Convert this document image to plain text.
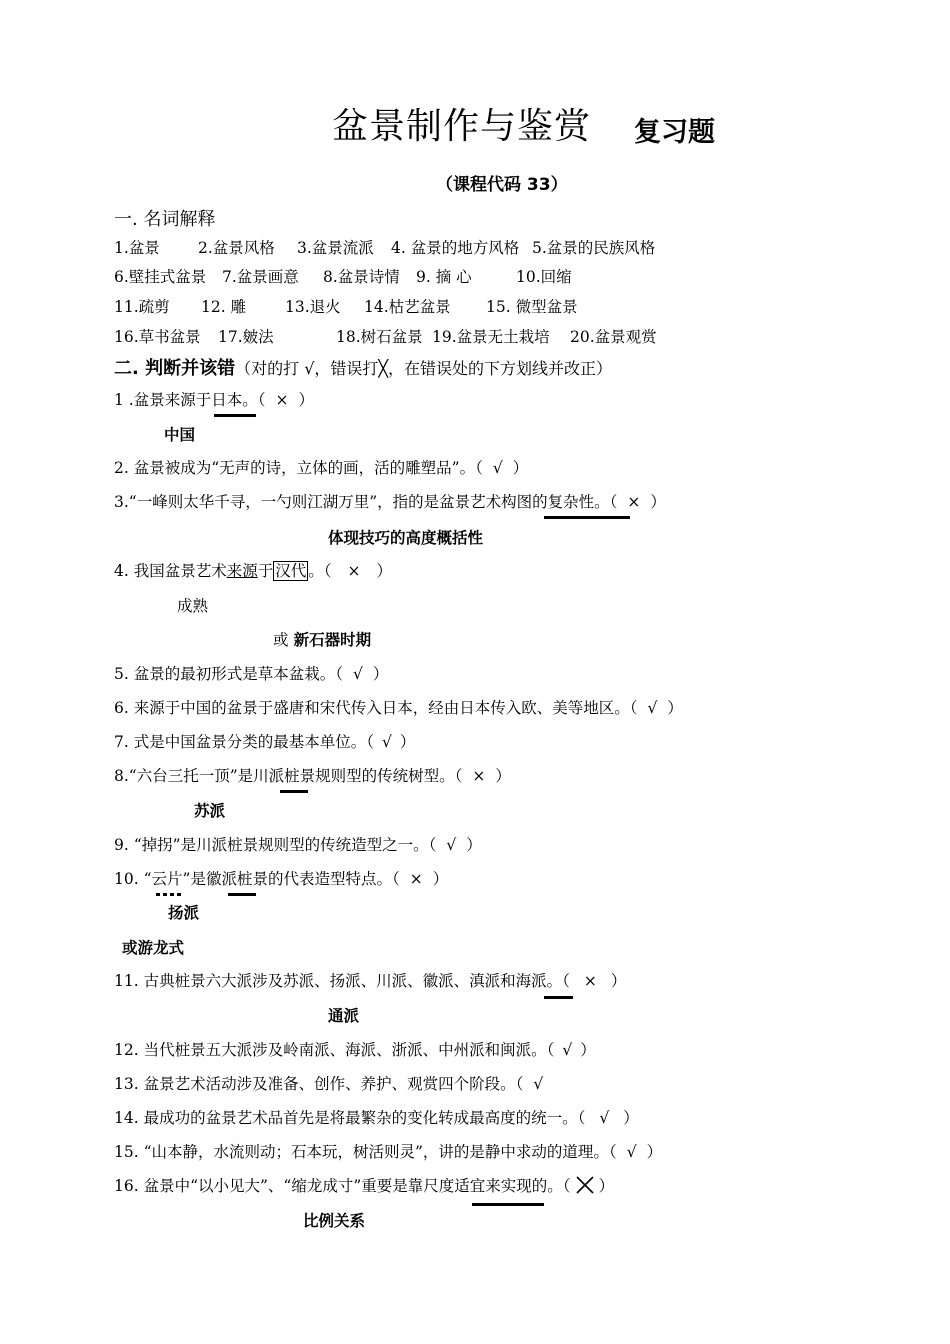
盆景制作与鉴赏 复习题
（课程代码 33）
一. 名词解释
1.盆景 2.盆景风格 3.盆景流派 4. 盆景的地方风格 5.盆景的民族风格
6.壁挂式盆景 7.盆景画意 8.盆景诗情 9. 摘 心	10.回缩
11.疏剪 12. 雕	13.退火 14.枯艺盆景 15. 微型盆景
16.草书盆景 17.皴法	18.树石盆景 19.盆景无土栽培 20.盆景观赏
二. 判断并该错（对的打 √，错误打╳，在错误处的下方划线并改正）
1 .盆景来源于日本。（ × ）
中国
2. 盆景被成为“无声的诗，立体的画，活的雕塑品”。（ √ ）
3.“一峰则太华千寻，一勺则江湖万里”，指的是盆景艺术构图的复杂性。（ × ）
体现技巧的高度概括性
4. 我国盆景艺术来源于 汉代 。（ × ）
成熟
或 新石器时期
5. 盆景的最初形式是草本盆栽。（ √ ）
6. 来源于中国的盆景于盛唐和宋代传入日本，经由日本传入欧、美等地区。（ √ ）
7. 式是中国盆景分类的最基本单位。（ √ ）
8.“六台三托一顶”是川派桩景规则型的传统树型。（ × ）
苏派
9. “掉拐”是川派桩景规则型的传统造型之一。（ √ ）
10. “云片”是徽派桩景的代表造型特点。（ × ）
扬派
或游龙式
11. 古典桩景六大派涉及苏派、扬派、川派、徽派、滇派和海派。（ × ）
通派
12. 当代桩景五大派涉及岭南派、海派、浙派、中州派和闽派。（ √ ）
13. 盆景艺术活动涉及准备、创作、养护、观赏四个阶段。（ √
14. 最成功的盆景艺术品首先是将最繁杂的变化转成最高度的统一。（ √ ）
15. “山本静，水流则动；石本玩，树活则灵”，讲的是静中求动的道理。（ √ ）
16. 盆景中“以小见大”、“缩龙成寸”重要是靠尺度适宜来实现的。（ ）
比例关系
